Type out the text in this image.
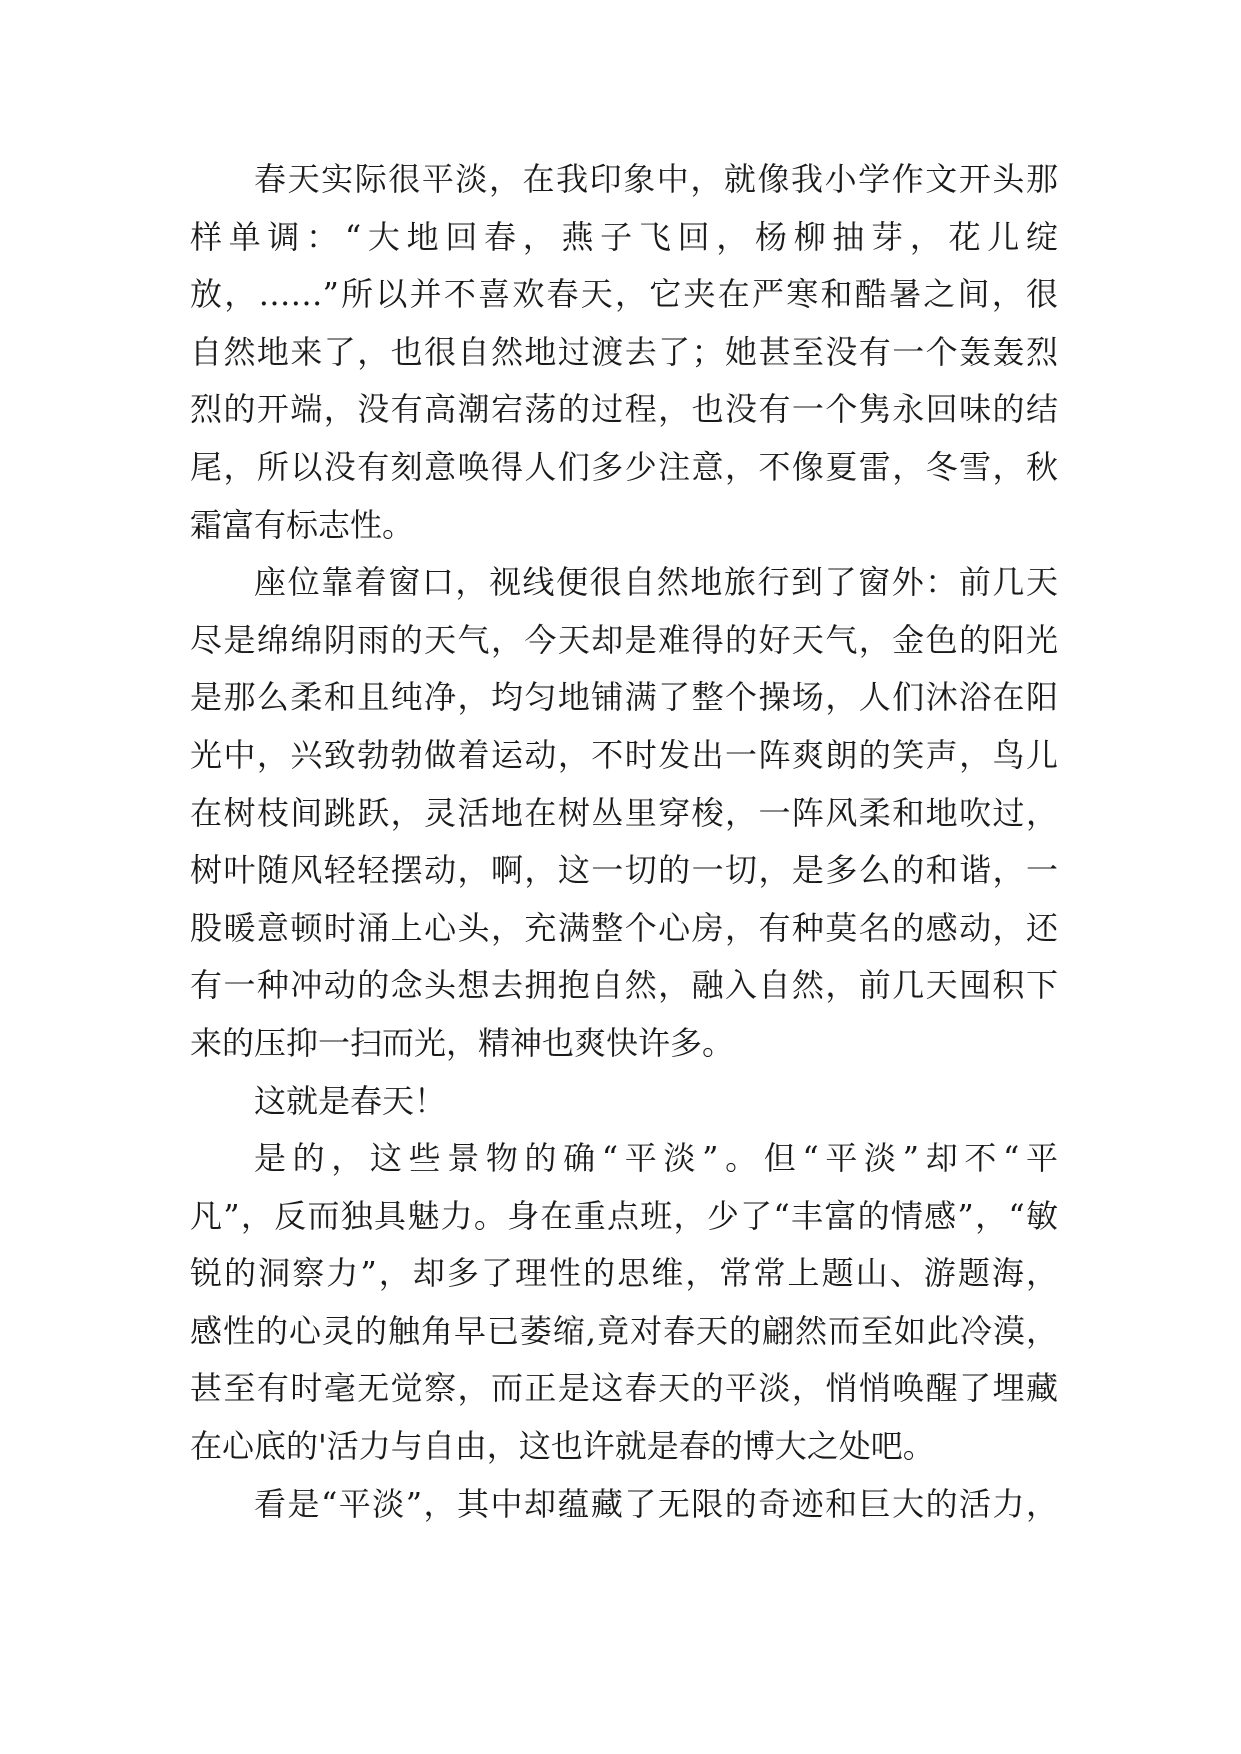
春天实际很平淡，在我印象中，就像我小学作文开头那
样单调：“大地回春，燕子飞回，杨柳抽芽，花儿绽
放，……”所以并不喜欢春天，它夹在严寒和酷暑之间，很
自然地来了，也很自然地过渡去了；她甚至没有一个轰轰烈
烈的开端，没有高潮宕荡的过程，也没有一个隽永回味的结
尾，所以没有刻意唤得人们多少注意，不像夏雷，冬雪，秋
霜富有标志性。
座位靠着窗口，视线便很自然地旅行到了窗外：前几天
尽是绵绵阴雨的天气，今天却是难得的好天气，金色的阳光
是那么柔和且纯净，均匀地铺满了整个操场，人们沐浴在阳
光中，兴致勃勃做着运动，不时发出一阵爽朗的笑声，鸟儿
在树枝间跳跃，灵活地在树丛里穿梭，一阵风柔和地吹过，
树叶随风轻轻摆动，啊，这一切的一切，是多么的和谐，一
股暖意顿时涌上心头，充满整个心房，有种莫名的感动，还
有一种冲动的念头想去拥抱自然，融入自然，前几天囤积下
来的压抑一扫而光，精神也爽快许多。
这就是春天！
是的，这些景物的确“平淡”。但“平淡”却不“平
凡”，反而独具魅力。身在重点班，少了“丰富的情感”，“敏
锐的洞察力”，却多了理性的思维，常常上题山、游题海，
感性的心灵的触角早已萎缩,竟对春天的翩然而至如此冷漠，
甚至有时毫无觉察，而正是这春天的平淡，悄悄唤醒了埋藏
在心底的'活力与自由，这也许就是春的博大之处吧。
看是“平淡”，其中却蕴藏了无限的奇迹和巨大的活力，
